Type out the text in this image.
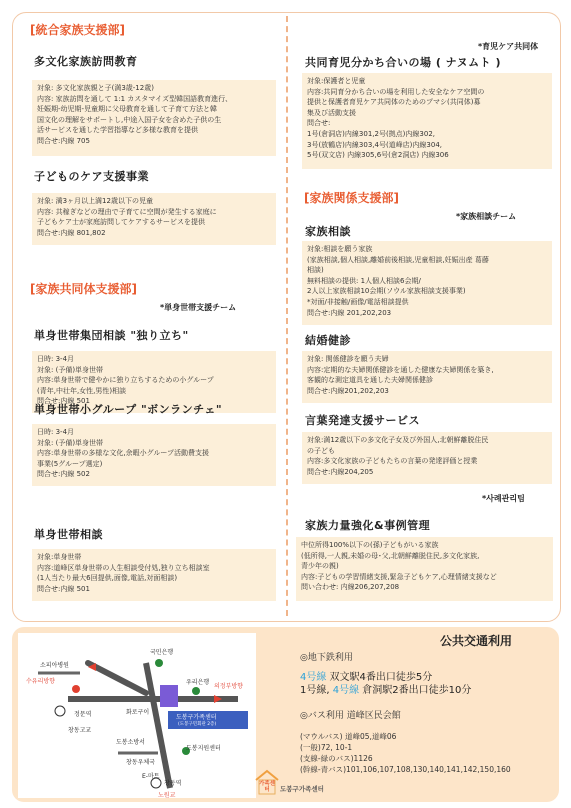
[統合家族支援部]
多文化家族訪問教育
対象: 多文化家族親と子(満3歳-12歳)
内容: 家族訪問を通して 1:1 カスタマイズ型韓国語教育進行、
妊娠期-幼児期-児童期に父母教育を通して子育て方法と韓
国文化の理解をサポートし,中途入国子女を含めた子供の生
活サービスを通した学習指導など多様な教育を提供
問合せ:内線 705
子どものケア支援事業
対象: 満3ヶ月以上満12歳以下の児童
内容: 共稼ぎなどの理由で子育てに空間が発生する家庭に
子どもケア士が家庭訪問してケアするサービスを提供
問合せ:内線 801,802
[家族共同体支援部]
*単身世帯支援チーム
単身世帯集団相談 "独り立ち"
日時: 3-4月
対象: (予備)単身世帯
内容:単身世帯で健やかに独り立ちするための小グループ
(青年,中壮年,女性,男性)相談
問合せ:内線 501
単身世帯小グループ "ボンランチェ"
日時: 3-4月
対象: (予備)単身世帯
内容:単身世帯の多様な文化,余暇小グループ活動費支援
事業(5グループ選定)
問合せ:内線 502
単身世帯相談
対象:単身世帯
内容:道峰区単身世帯の人生相談受付処,独り立ち相談室
(1人当たり最大6回提供,面像,電話,対面相談)
問合せ:内線 501
*育児ケア共同体
共同育児分かち合いの場 ( ナヌムト )
対象:保護者と児童
内容:共同育分かち合いの場を利用した安全なケア空間の
提供と保護者育児ケア共同体のためのプマシ(共同体)募
集及び活動支援
問合せ:
1号(倉洞店)内線301,2号(拠点)内線302,
3号(放鶴店)内線303,4号(道峰店)内線304,
5号(双文店) 内線305,6号(倉2洞店) 内線306
[家族関係支援部]
*家族相談チーム
家族相談
対象:相談を願う家族
(家族相談,個人相談,離婚前後相談,児童相談,妊娠出産 葛藤
相談)
無料相談の提供: 1人個人相談6会期/
2人以上家族相談10会期(ソウル家族相談支援事業)
*対面/非接触/画像/電話相談提供
問合せ:内線 201,202,203
結婚健診
対象: 関係健診を願う夫婦
内容:定期的な夫婦関係健診を通した健康な夫婦関係を築き,
客観的な測定道具を通した夫婦関係健診
問合せ:内線201,202,203
言葉発達支援サービス
対象:満12歳以下の多文化子女及び外国人,北朝鮮離脱住民
の子ども
内容:多文化家族の子どもたちの言葉の発達評価と授業
問合せ:内線204,205
*사례관리팀
家族力量強化&事例管理
中位所得100%以下の(孫)子どもがいる家族
(低所得,一人親,未婚の母･父,北朝鮮離脱住民,多文化家族,
青少年の親)
内容:子どもの学習情緒支援,緊急子どもケア,心理情緒支援など
問い合わせ: 内線206,207,208
국민은행
소피아병원
수유리방향	우리은행
의정부방향
창동고교
정문역	화로구이
도봉구가족센터
(도봉구민회관 2층)
도봉소방서
창동우체국
도봉지원센터
E-마트
창동역
노원교
公共交通利用
◎地下鉄利用
4号線 双文駅4番出口徒歩5分
1号線, 4号線 倉洞駅2番出口徒歩10分
◎バス利用 道峰区民会館
(マウルバス) 道峰05,道峰06
(一般)72, 10-1
(支線-緑のバス)1126
(幹線-青バス)101,106,107,108,130,140,141,142,150,160
가족센터	도봉구가족센터
